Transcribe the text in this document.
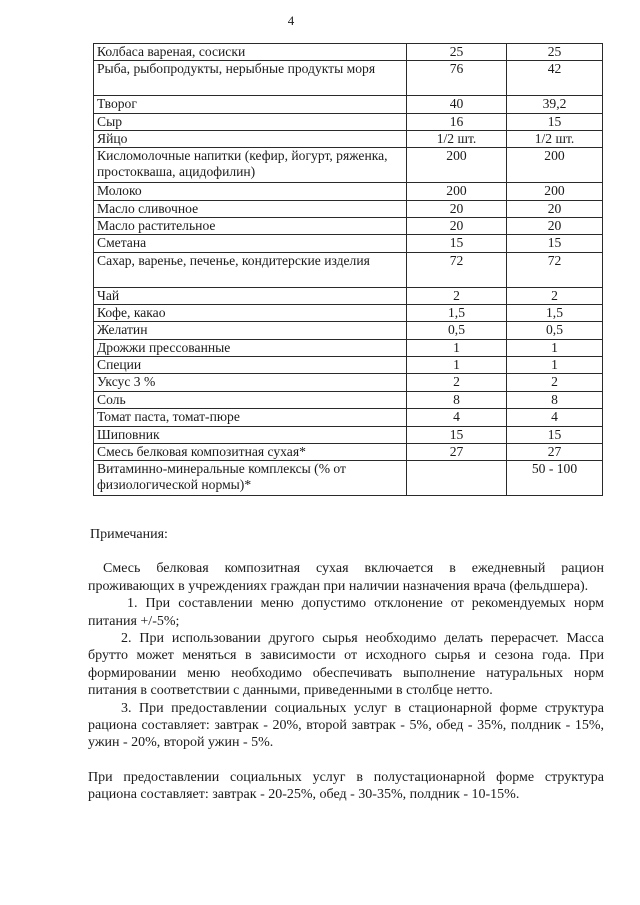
4
Колбаса вареная, сосиски	25	25
Рыба, рыбопродукты, нерыбные продукты моря	76	42
Творог	40	39,2
Сыр	16	15
Яйцо	1/2 шт.	1/2 шт.
Кисломолочные напитки (кефир, йогурт, ряженка, простокваша, ацидофилин)	200	200
Молоко	200	200
Масло сливочное	20	20
Масло растительное	20	20
Сметана	15	15
Сахар, варенье, печенье, кондитерские изделия	72	72
Чай	2	2
Кофе, какао	1,5	1,5
Желатин	0,5	0,5
Дрожжи прессованные	1	1
Специи	1	1
Уксус 3 %	2	2
Соль	8	8
Томат паста, томат-пюре	4	4
Шиповник	15	15
Смесь белковая композитная сухая*	27	27
Витаминно-минеральные комплексы (% от физиологической нормы)*		50 - 100
Примечания:

Смесь белковая композитная сухая включается в ежедневный рацион проживающих в учреждениях граждан при наличии назначения врача (фельдшера).

1. При составлении меню допустимо отклонение от рекомендуемых норм питания +/-5%;

2. При использовании другого сырья необходимо делать перерасчет. Масса брутто может меняться в зависимости от исходного сырья и сезона года. При формировании меню необходимо обеспечивать выполнение натуральных норм питания в соответствии с данными, приведенными в столбце нетто.

3. При предоставлении социальных услуг в стационарной форме структура рациона составляет: завтрак - 20%, второй завтрак - 5%, обед - 35%, полдник - 15%, ужин - 20%, второй ужин - 5%.

При предоставлении социальных услуг в полустационарной форме структура рациона составляет: завтрак - 20-25%, обед - 30-35%, полдник - 10-15%.
